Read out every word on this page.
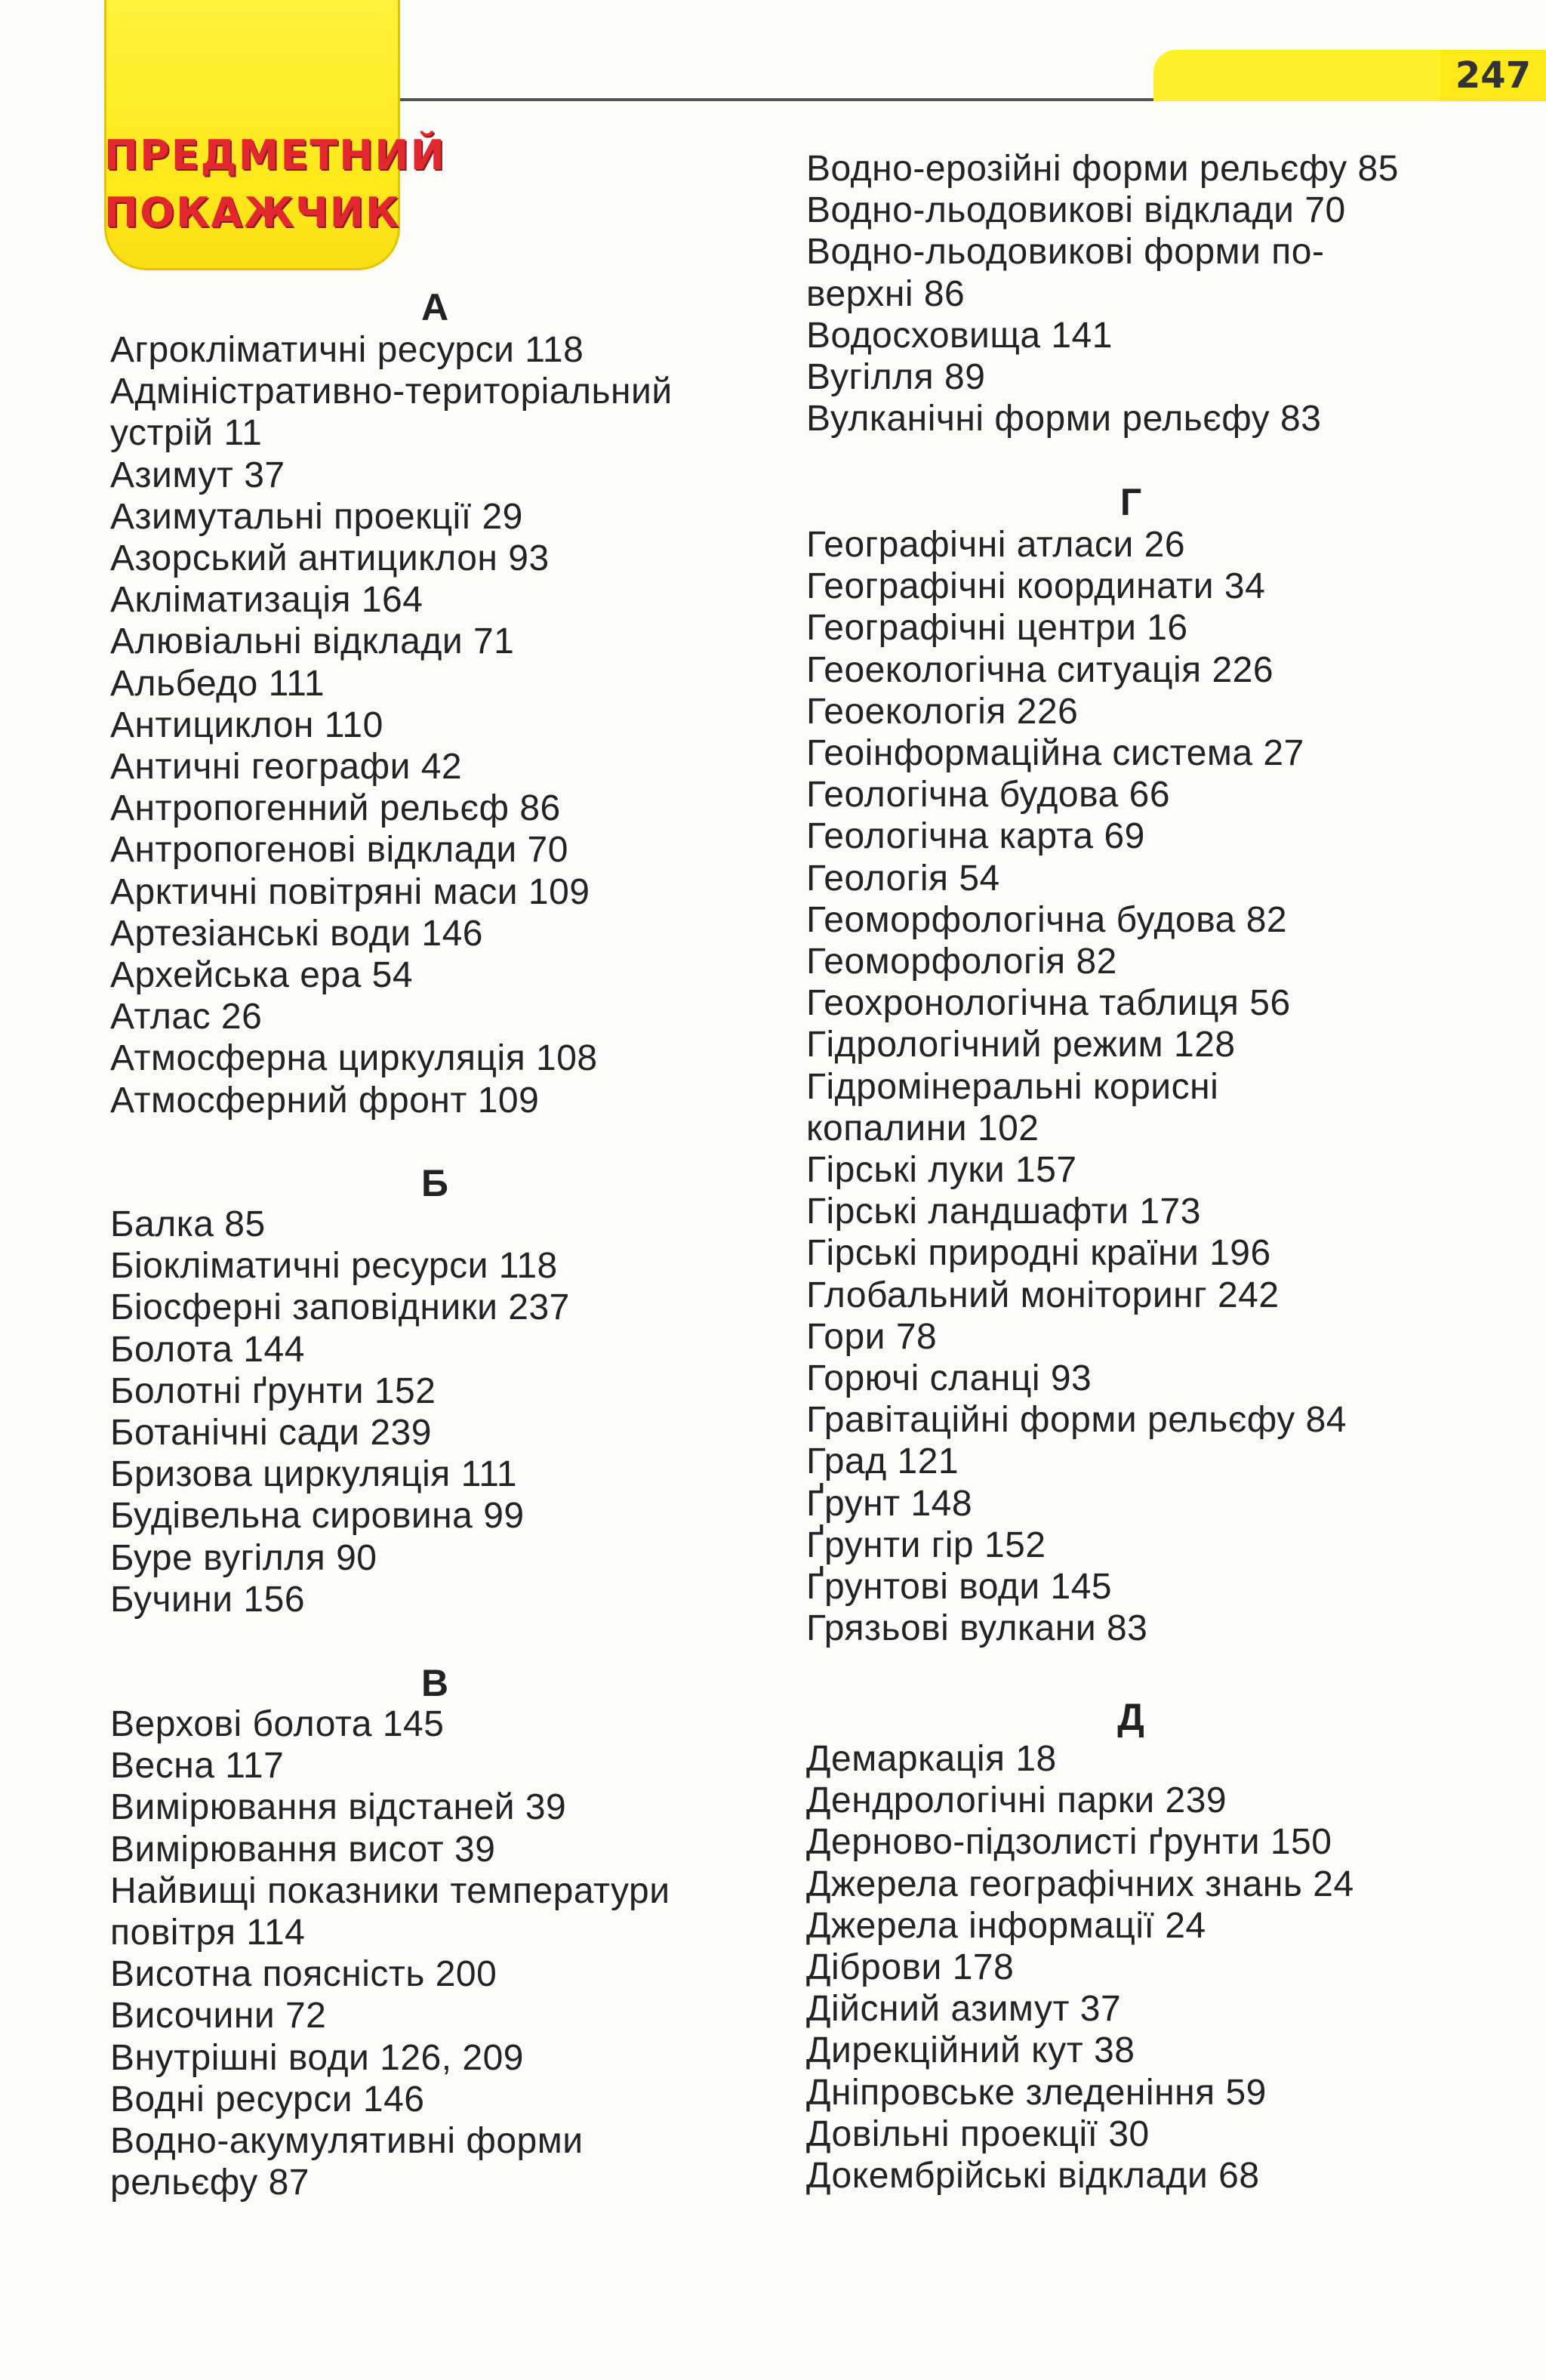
ПРЕДМЕТНИЙ
ПОКАЖЧИК
247
А
Агрокліматичні ресурси 118
Адміністративно-територіальний
устрій 11
Азимут 37
Азимутальні проекції 29
Азорський антициклон 93
Акліматизація 164
Алювіальні відклади 71
Альбедо 111
Антициклон 110
Античні географи 42
Антропогенний рельєф 86
Антропогенові відклади 70
Арктичні повітряні маси 109
Артезіанські води 146
Архейська ера 54
Атлас 26
Атмосферна циркуляція 108
Атмосферний фронт 109
Б
Балка 85
Біокліматичні ресурси 118
Біосферні заповідники 237
Болота 144
Болотні ґрунти 152
Ботанічні сади 239
Бризова циркуляція 111
Будівельна сировина 99
Буре вугілля 90
Бучини 156
В
Верхові болота 145
Весна 117
Вимірювання відстаней 39
Вимірювання висот 39
Найвищі показники температури
повітря 114
Висотна поясність 200
Височини 72
Внутрішні води 126, 209
Водні ресурси 146
Водно-акумулятивні форми
рельєфу 87
Водно-ерозійні форми рельєфу 85
Водно-льодовикові відклади 70
Водно-льодовикові форми по-
верхні 86
Водосховища 141
Вугілля 89
Вулканічні форми рельєфу 83
Г
Географічні атласи 26
Географічні координати 34
Географічні центри 16
Геоекологічна ситуація 226
Геоекологія 226
Геоінформаційна система 27
Геологічна будова 66
Геологічна карта 69
Геологія 54
Геоморфологічна будова 82
Геоморфологія 82
Геохронологічна таблиця 56
Гідрологічний режим 128
Гідромінеральні корисні
копалини 102
Гірські луки 157
Гірські ландшафти 173
Гірські природні країни 196
Глобальний моніторинг 242
Гори 78
Горючі сланці 93
Гравітаційні форми рельєфу 84
Град 121
Ґрунт 148
Ґрунти гір 152
Ґрунтові води 145
Грязьові вулкани 83
Д
Демаркація 18
Дендрологічні парки 239
Дерново-підзолисті ґрунти 150
Джерела географічних знань 24
Джерела інформації 24
Діброви 178
Дійсний азимут 37
Дирекційний кут 38
Дніпровське зледеніння 59
Довільні проекції 30
Докембрійські відклади 68
